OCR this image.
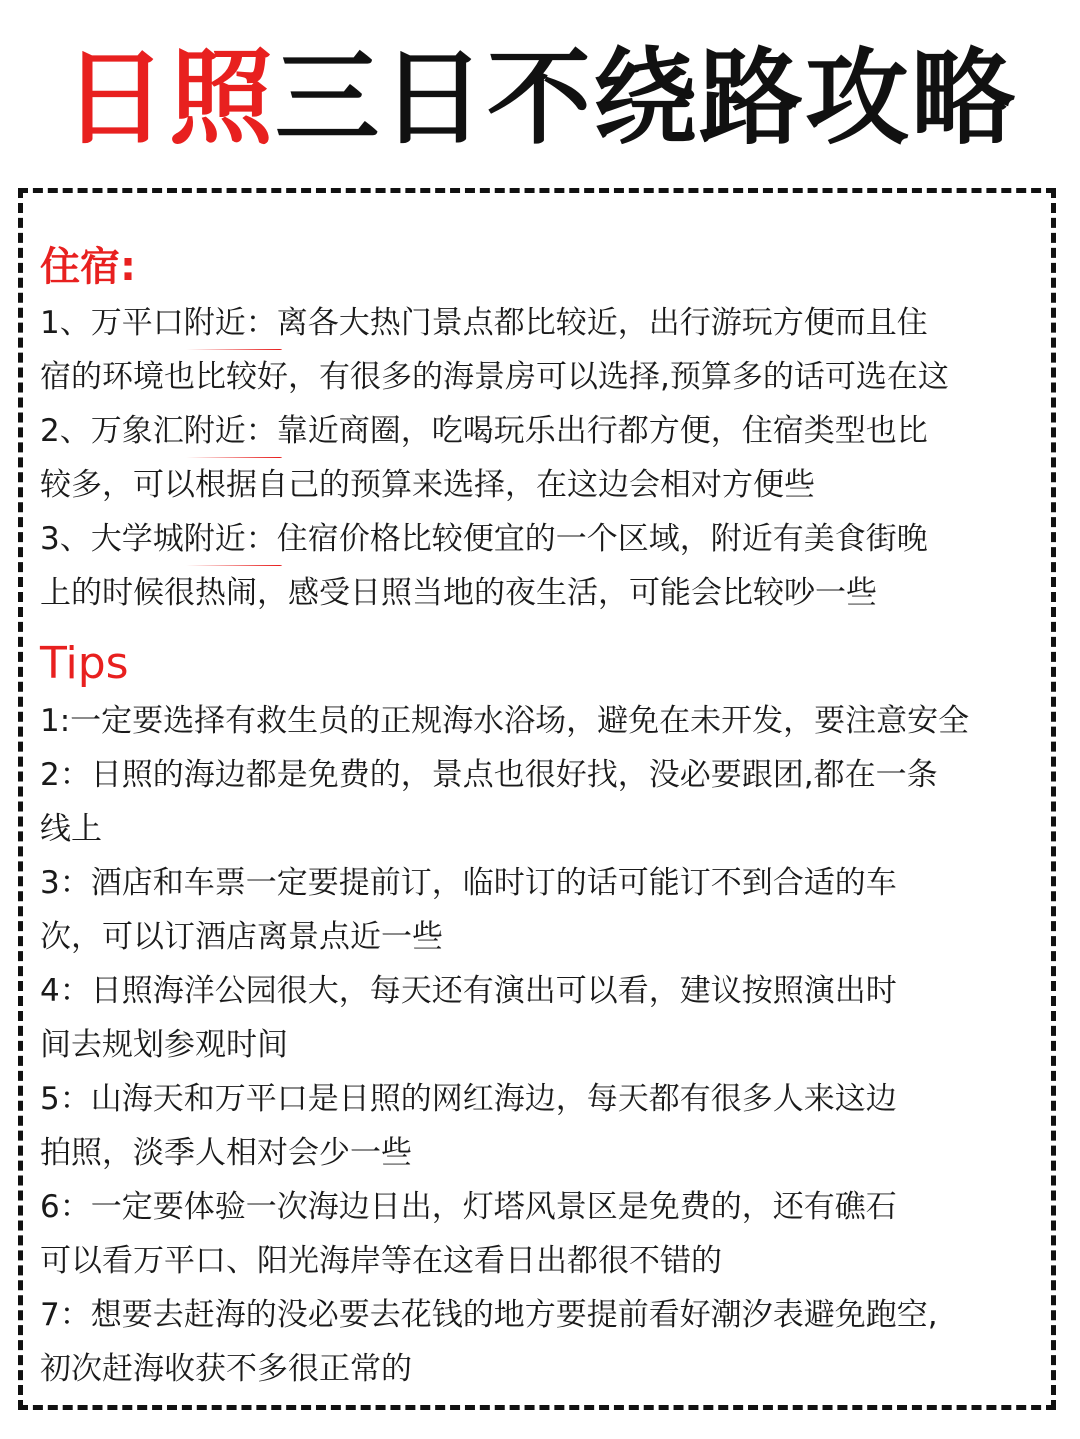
日照三日不绕路攻略
住宿:
1、万平口附近：离各大热门景点都比较近，出行游玩方便而且住
宿的环境也比较好，有很多的海景房可以选择,预算多的话可选在这
2、万象汇附近：靠近商圈，吃喝玩乐出行都方便，住宿类型也比
较多，可以根据自己的预算来选择，在这边会相对方便些
3、大学城附近：住宿价格比较便宜的一个区域，附近有美食街晚
上的时候很热闹，感受日照当地的夜生活，可能会比较吵一些
Tips
1:一定要选择有救生员的正规海水浴场，避免在未开发，要注意安全
2：日照的海边都是免费的，景点也很好找，没必要跟团,都在一条
线上
3：酒店和车票一定要提前订，临时订的话可能订不到合适的车
次，可以订酒店离景点近一些
4：日照海洋公园很大，每天还有演出可以看，建议按照演出时
间去规划参观时间
5：山海天和万平口是日照的网红海边，每天都有很多人来这边
拍照，淡季人相对会少一些
6：一定要体验一次海边日出，灯塔风景区是免费的，还有礁石
可以看万平口、阳光海岸等在这看日出都很不错的
7：想要去赶海的没必要去花钱的地方要提前看好潮汐表避免跑空,
初次赶海收获不多很正常的
